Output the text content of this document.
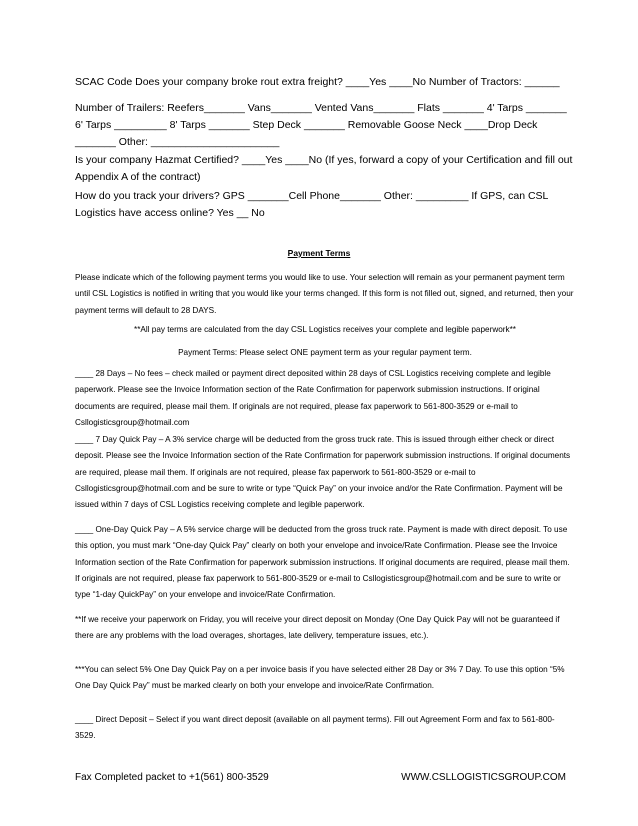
SCAC Code Does your company broke rout extra freight? ____Yes ____No Number of Tractors: ______
Number of Trailers: Reefers_______ Vans_______ Vented Vans_______ Flats _______ 4' Tarps _______ 6' Tarps _________ 8' Tarps _______ Step Deck _______ Removable Goose Neck ____Drop Deck _______ Other: ______________________
Is your company Hazmat Certified? ____Yes ____No (If yes, forward a copy of your Certification and fill out Appendix A of the contract)
How do you track your drivers? GPS _______Cell Phone_______ Other: _________ If GPS, can CSL Logistics have access online? Yes __ No
Payment Terms
Please indicate which of the following payment terms you would like to use. Your selection will remain as your permanent payment term until CSL Logistics is notified in writing that you would like your terms changed. If this form is not filled out, signed, and returned, then your payment terms will default to 28 DAYS.
**All pay terms are calculated from the day CSL Logistics receives your complete and legible paperwork**
Payment Terms: Please select ONE payment term as your regular payment term.
____ 28 Days – No fees – check mailed or payment direct deposited within 28 days of CSL Logistics receiving complete and legible paperwork. Please see the Invoice Information section of the Rate Confirmation for paperwork submission instructions. If original documents are required, please mail them. If originals are not required, please fax paperwork to 561-800-3529 or e-mail to Csllogisticsgroup@hotmail.com
____ 7 Day Quick Pay – A 3% service charge will be deducted from the gross truck rate. This is issued through either check or direct deposit. Please see the Invoice Information section of the Rate Confirmation for paperwork submission instructions. If original documents are required, please mail them. If originals are not required, please fax paperwork to 561-800-3529 or e-mail to Csllogisticsgroup@hotmail.com and be sure to write or type “Quick Pay” on your invoice and/or the Rate Confirmation. Payment will be issued within 7 days of CSL Logistics receiving complete and legible paperwork.
____ One-Day Quick Pay – A 5% service charge will be deducted from the gross truck rate. Payment is made with direct deposit. To use this option, you must mark “One-day Quick Pay” clearly on both your envelope and invoice/Rate Confirmation. Please see the Invoice Information section of the Rate Confirmation for paperwork submission instructions. If original documents are required, please mail them. If originals are not required, please fax paperwork to 561-800-3529 or e-mail to Csllogisticsgroup@hotmail.com and be sure to write or type “1-day QuickPay” on your envelope and invoice/Rate Confirmation.
**If we receive your paperwork on Friday, you will receive your direct deposit on Monday (One Day Quick Pay will not be guaranteed if there are any problems with the load overages, shortages, late delivery, temperature issues, etc.).
***You can select 5% One Day Quick Pay on a per invoice basis if you have selected either 28 Day or 3% 7 Day. To use this option “5% One Day Quick Pay” must be marked clearly on both your envelope and invoice/Rate Confirmation.
____ Direct Deposit – Select if you want direct deposit (available on all payment terms). Fill out Agreement Form and fax to 561-800-3529.
Fax Completed packet to +1(561) 800-3529	WWW.CSLLOGISTICSGROUP.COM
